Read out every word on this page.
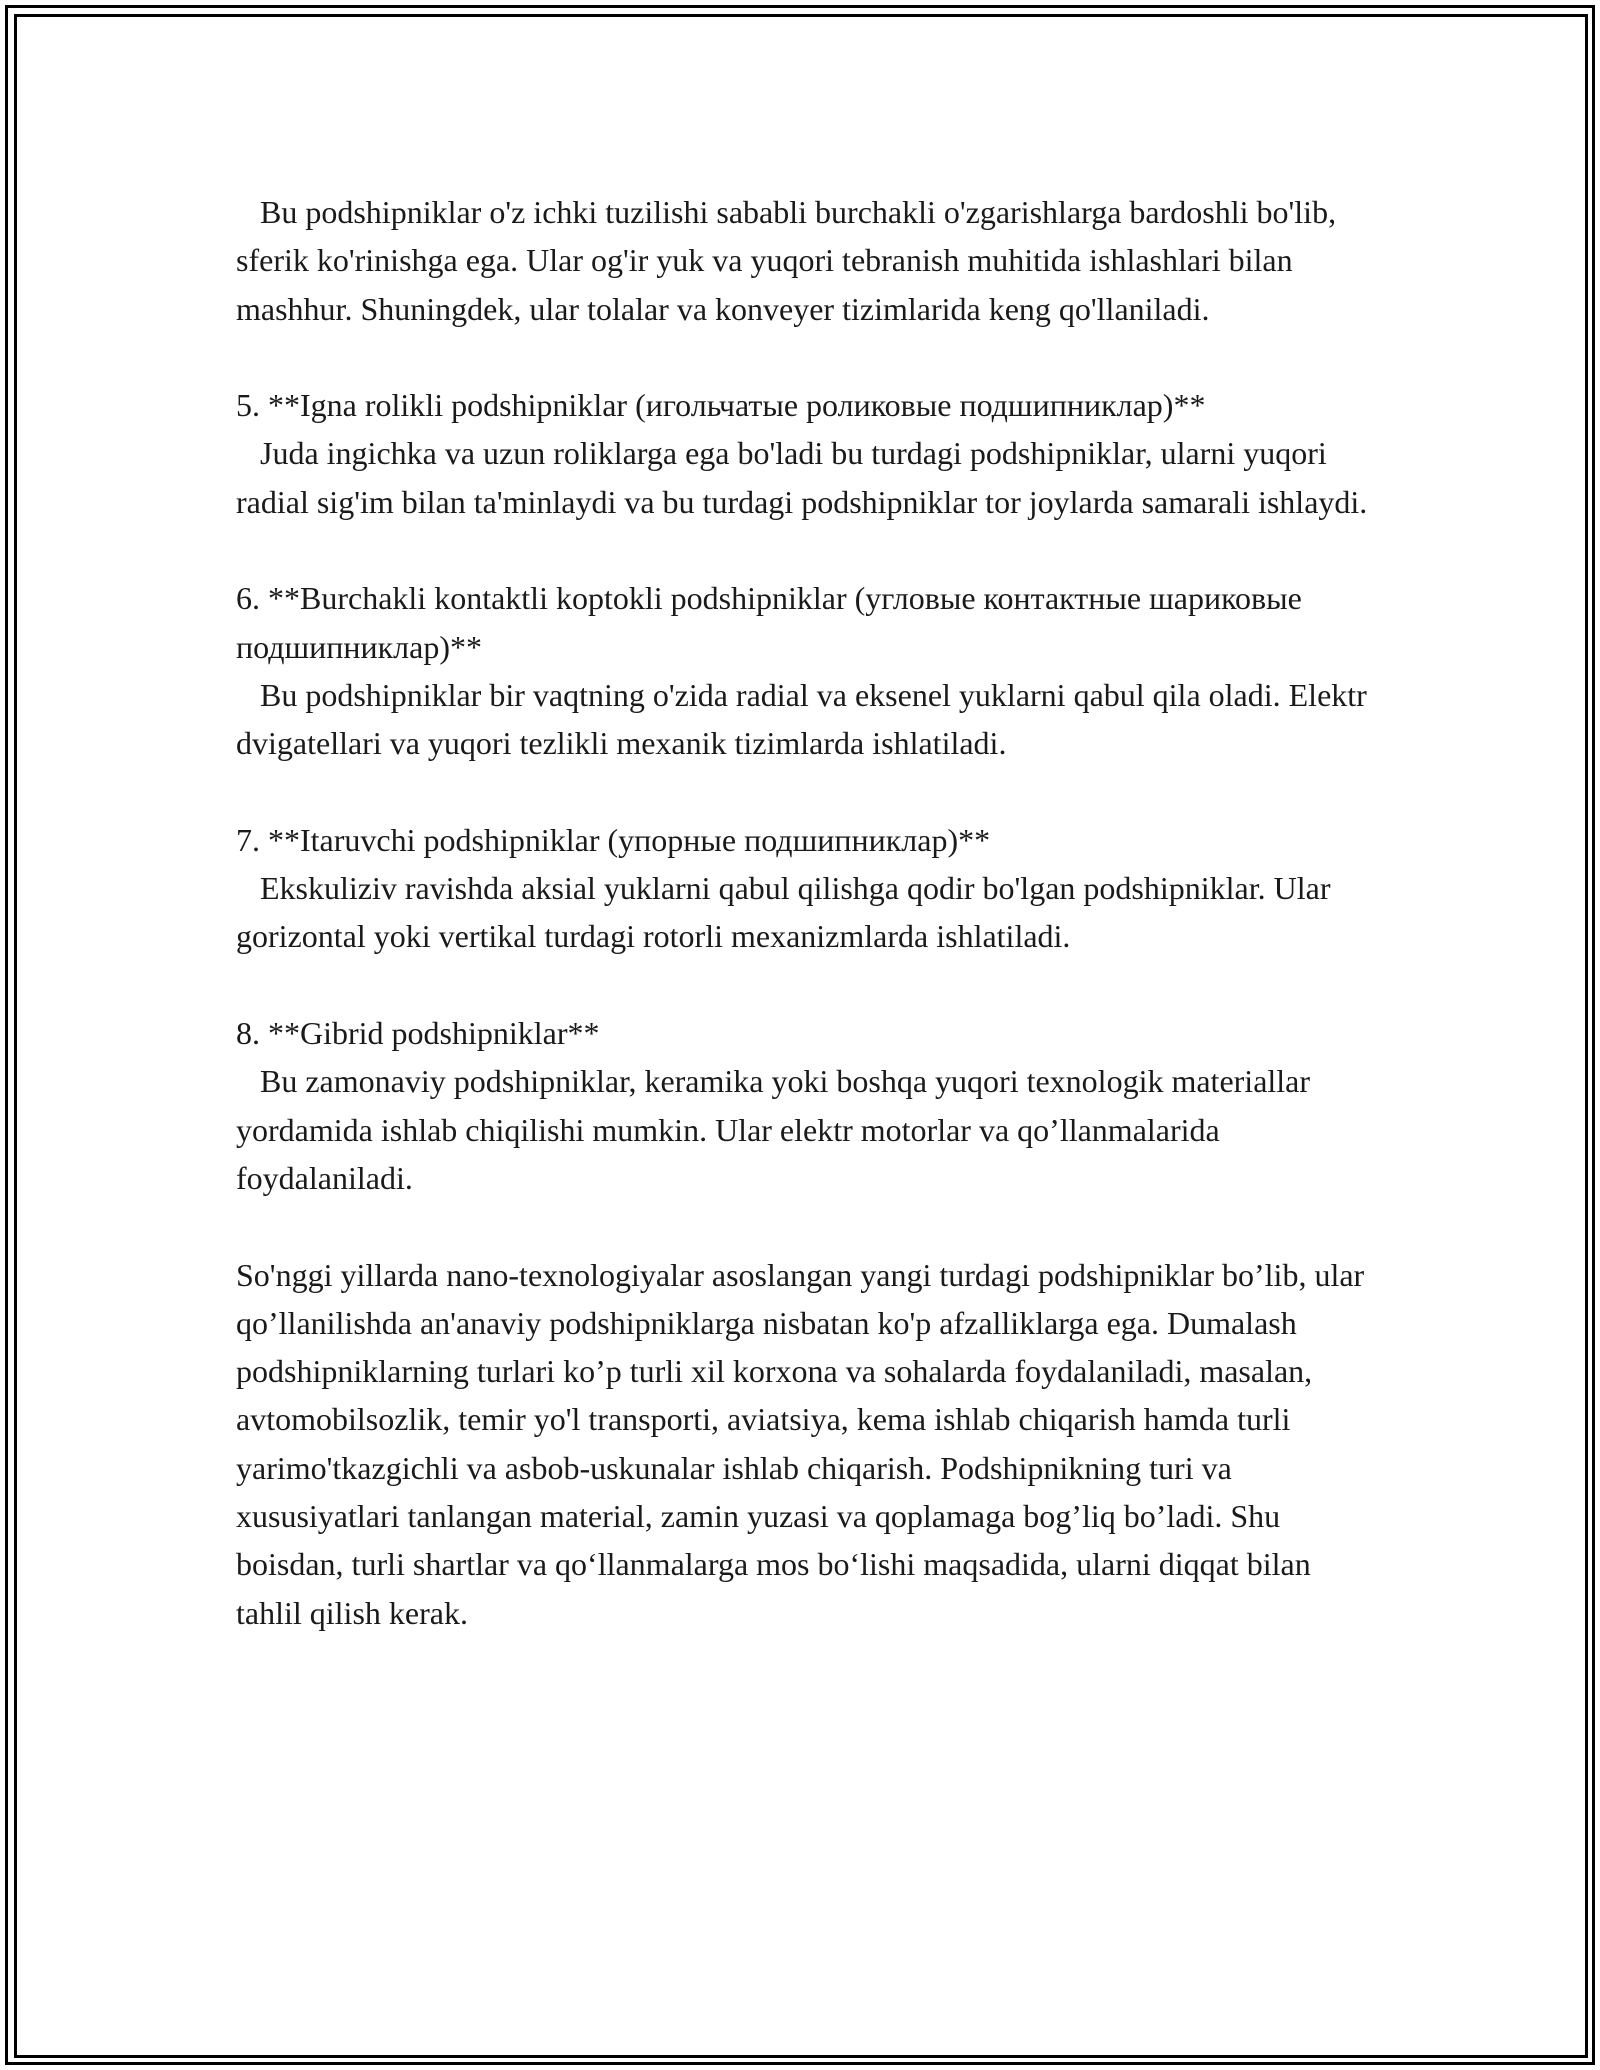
Bu podshipniklar o'z ichki tuzilishi sababli burchakli o'zgarishlarga bardoshli bo'lib, sferik ko'rinishga ega. Ular og'ir yuk va yuqori tebranish muhitida ishlashlari bilan mashhur. Shuningdek, ular tolalar va konveyer tizimlarida keng qo'llaniladi.

5. **Igna rolikli podshipniklar (игольчатые роликовые подшипниклар)**

Juda ingichka va uzun roliklarga ega bo'ladi bu turdagi podshipniklar, ularni yuqori radial sig'im bilan ta'minlaydi va bu turdagi podshipniklar tor joylarda samarali ishlaydi.

6. **Burchakli kontaktli koptokli podshipniklar (угловые контактные шариковые подшипниклар)**

Bu podshipniklar bir vaqtning o'zida radial va eksenel yuklarni qabul qila oladi. Elektr dvigatellari va yuqori tezlikli mexanik tizimlarda ishlatiladi.

7. **Itaruvchi podshipniklar (упорные подшипниклар)**

Ekskuliziv ravishda aksial yuklarni qabul qilishga qodir bo'lgan podshipniklar. Ular gorizontal yoki vertikal turdagi rotorli mexanizmlarda ishlatiladi.

8. **Gibrid podshipniklar**

Bu zamonaviy podshipniklar, keramika yoki boshqa yuqori texnologik materiallar yordamida ishlab chiqilishi mumkin. Ular elektr motorlar va qo’llanmalarida foydalaniladi.

So'nggi yillarda nano-texnologiyalar asoslangan yangi turdagi podshipniklar bo’lib, ular qo’llanilishda an'anaviy podshipniklarga nisbatan ko'p afzalliklarga ega. Dumalash podshipniklarning turlari ko’p turli xil korxona va sohalarda foydalaniladi, masalan, avtomobilsozlik, temir yo'l transporti, aviatsiya, kema ishlab chiqarish hamda turli yarimo'tkazgichli va asbob-uskunalar ishlab chiqarish. Podshipnikning turi va xususiyatlari tanlangan material, zamin yuzasi va qoplamaga bog’liq bo’ladi. Shu boisdan, turli shartlar va qo‘llanmalarga mos bo‘lishi maqsadida, ularni diqqat bilan tahlil qilish kerak.
